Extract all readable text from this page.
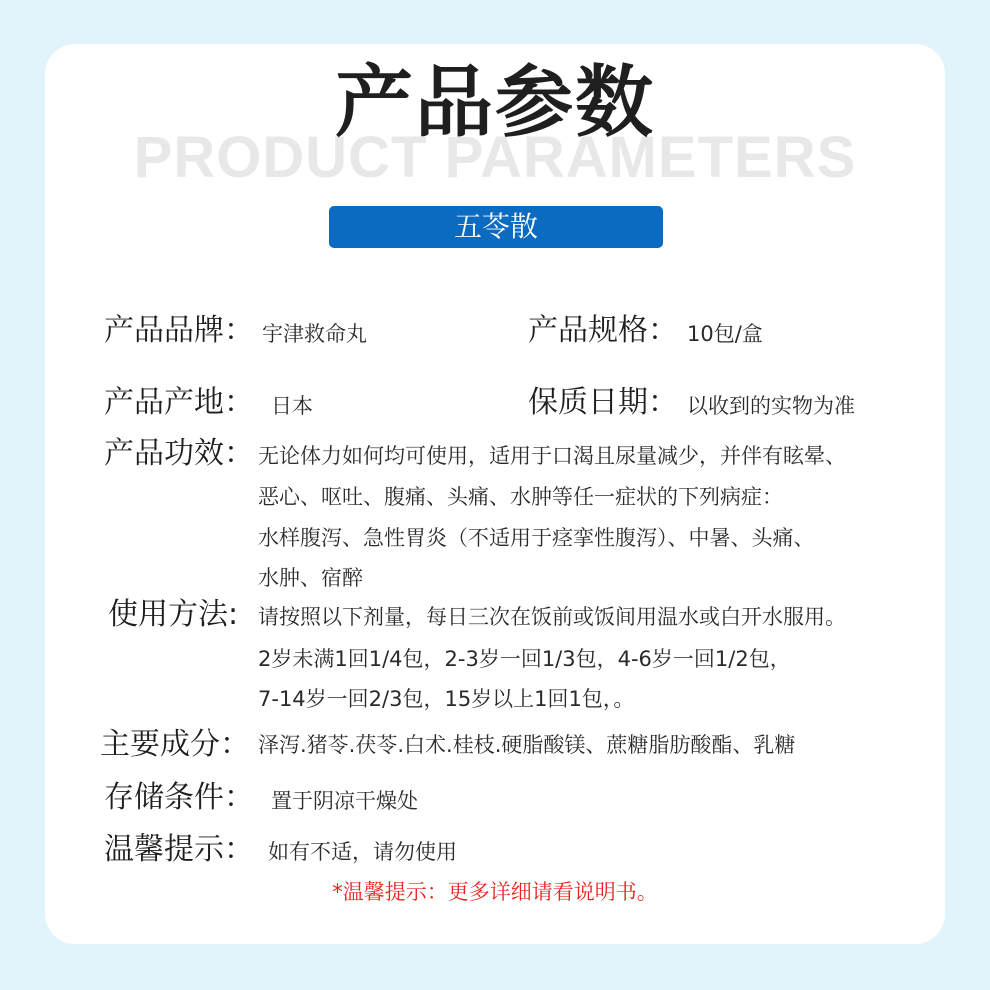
PRODUCT PARAMETERS
产品参数
五苓散
产品品牌： 宇津救命丸	产品规格： 10包/盒
产品产地： 日本	保质日期： 以收到的实物为准
产品功效： 无论体力如何均可使用，适用于口渴且尿量减少，并伴有眩晕、
恶心、呕吐、腹痛、头痛、水肿等任一症状的下列病症：
水样腹泻、急性胃炎（不适用于痉挛性腹泻）、中暑、头痛、
水肿、宿醉
使用方法: 请按照以下剂量，每日三次在饭前或饭间用温水或白开水服用。
2岁未满1回1/4包，2-3岁一回1/3包，4-6岁一回1/2包，
7-14岁一回2/3包，15岁以上1回1包，。
主要成分： 泽泻.猪苓.茯苓.白术.桂枝.硬脂酸镁、蔗糖脂肪酸酯、乳糖
存储条件： 置于阴凉干燥处
温馨提示： 如有不适，请勿使用
*温馨提示：更多详细请看说明书。
